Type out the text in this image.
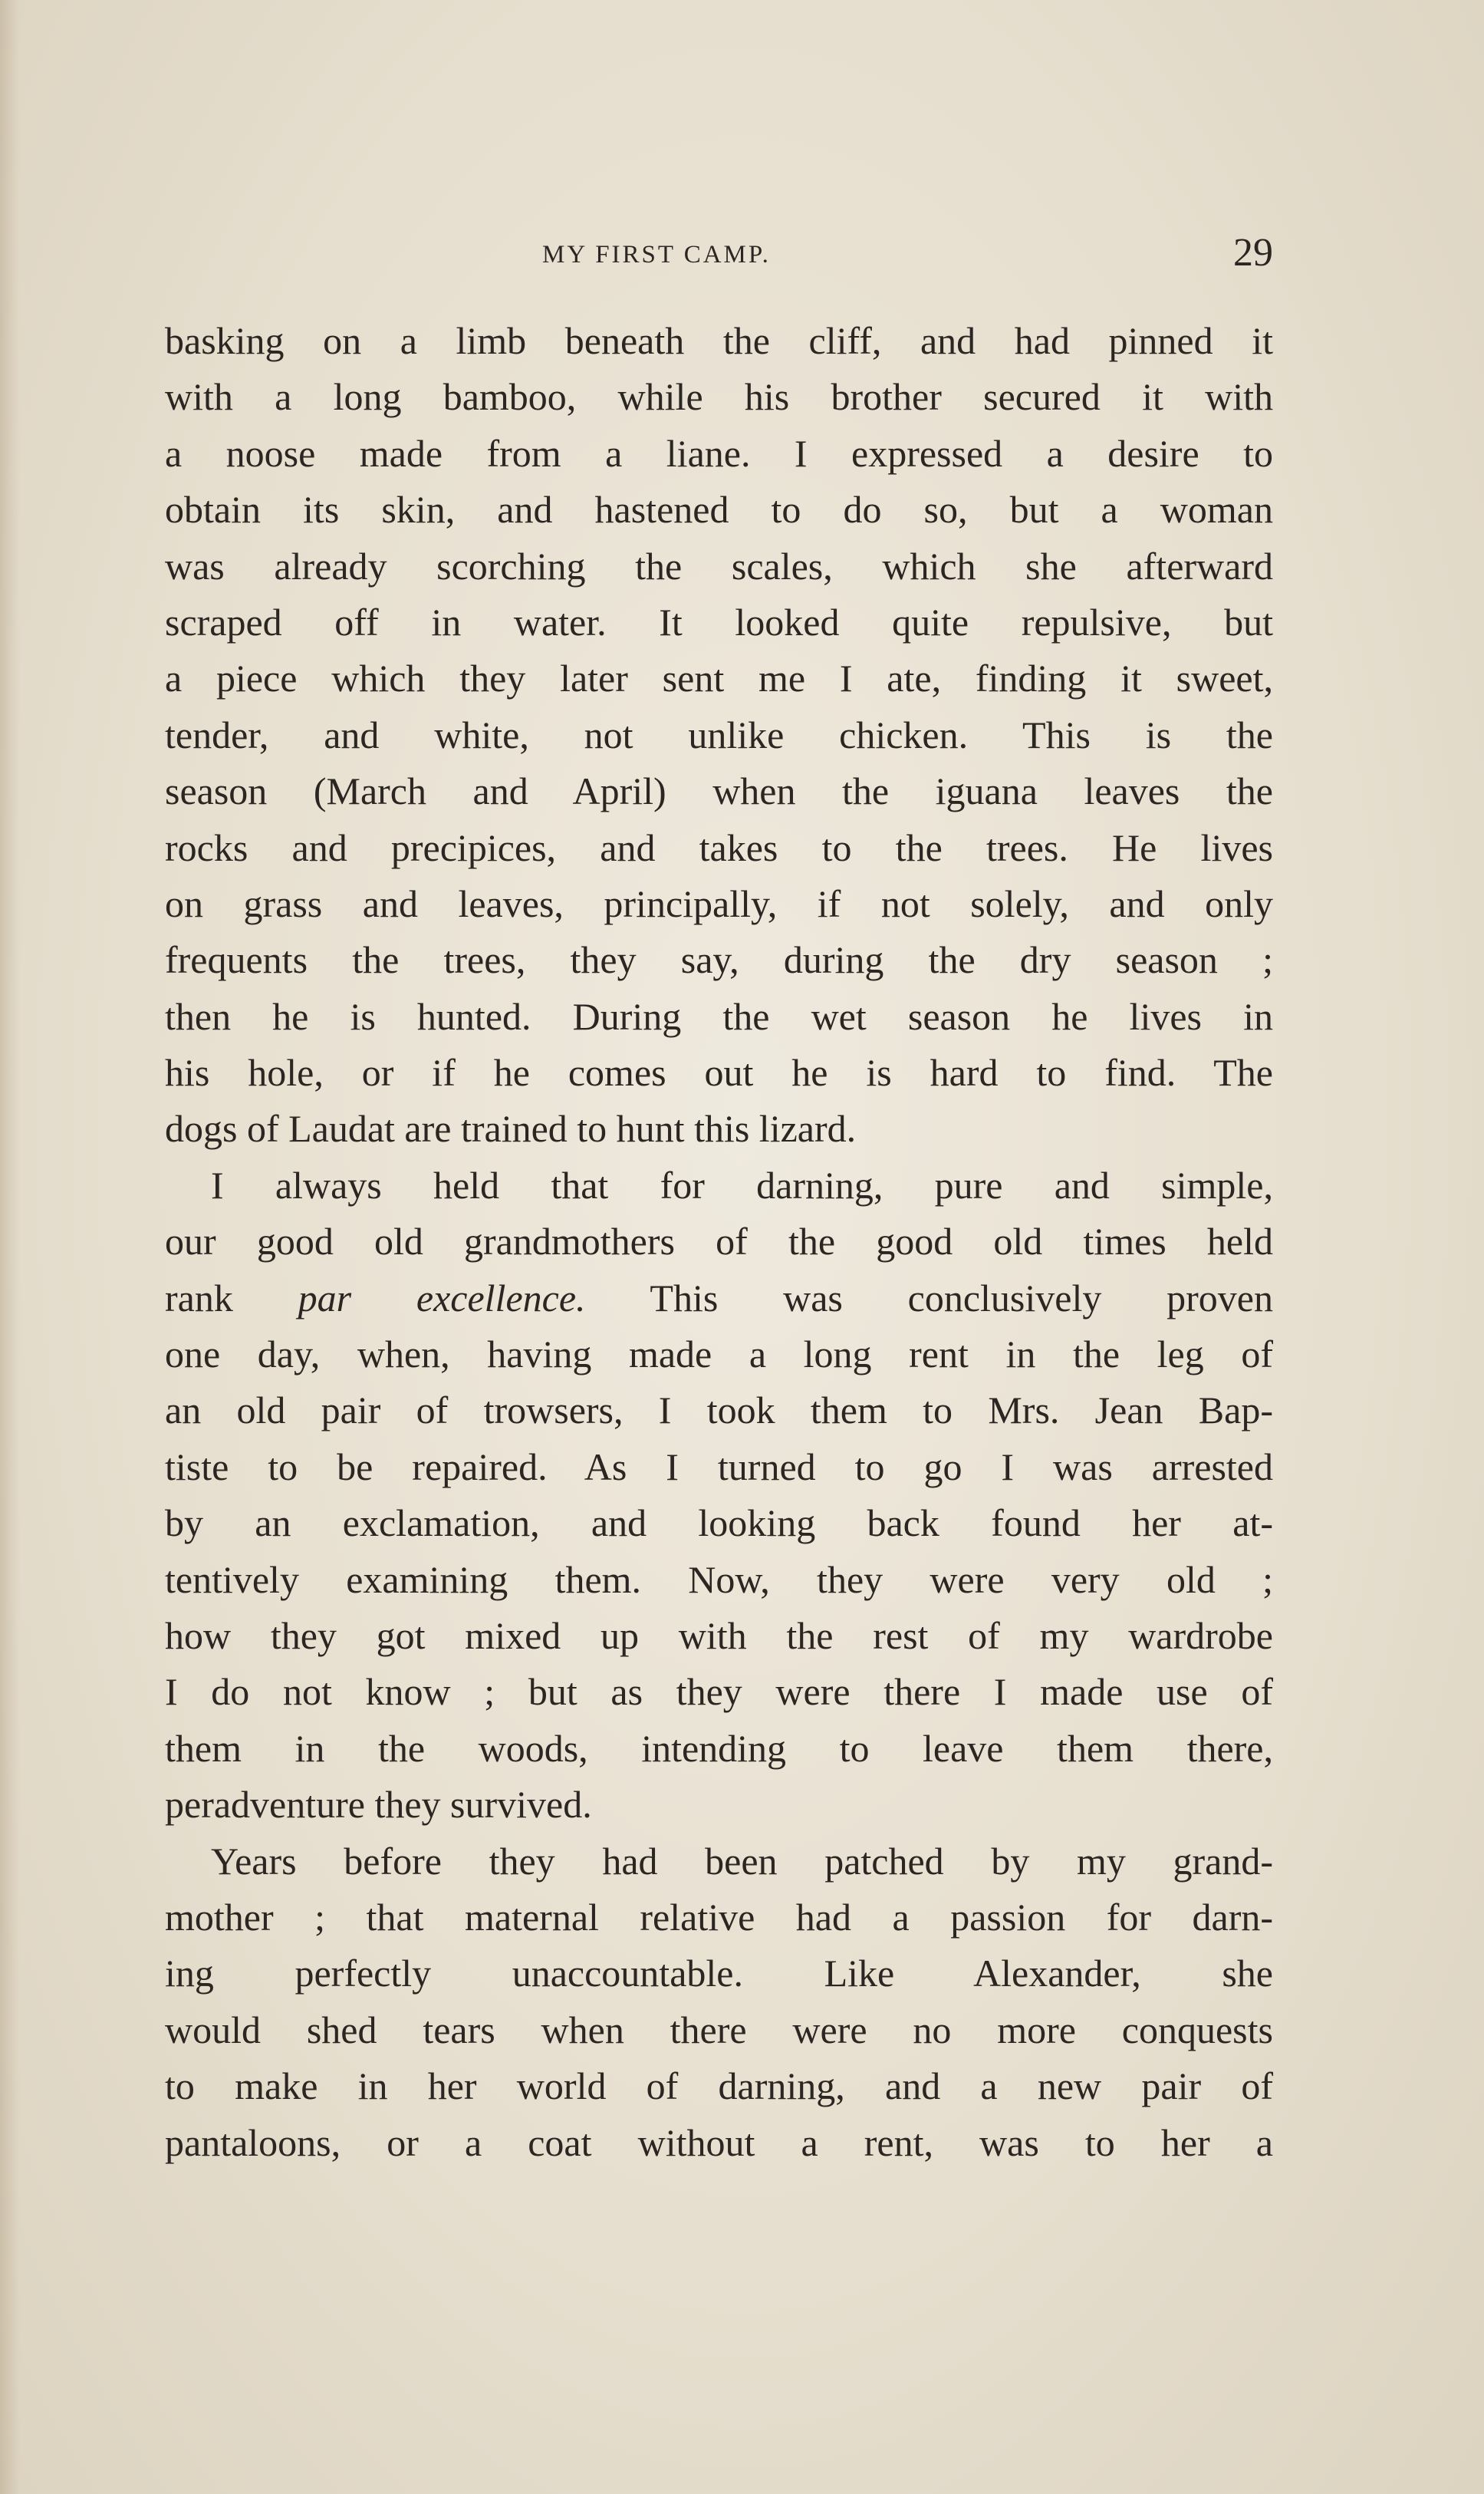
MY FIRST CAMP.	29
basking on a limb beneath the cliff, and had pinned it
with a long bamboo, while his brother secured it with
a noose made from a liane. I expressed a desire to
obtain its skin, and hastened to do so, but a woman
was already scorching the scales, which she afterward
scraped off in water. It looked quite repulsive, but
a piece which they later sent me I ate, finding it sweet,
tender, and white, not unlike chicken. This is the
season (March and April) when the iguana leaves the
rocks and precipices, and takes to the trees. He lives
on grass and leaves, principally, if not solely, and only
frequents the trees, they say, during the dry season ;
then he is hunted. During the wet season he lives in
his hole, or if he comes out he is hard to find. The
dogs of Laudat are trained to hunt this lizard.
I always held that for darning, pure and simple,
our good old grandmothers of the good old times held
rank par excellence. This was conclusively proven
one day, when, having made a long rent in the leg of
an old pair of trowsers, I took them to Mrs. Jean Bap-
tiste to be repaired. As I turned to go I was arrested
by an exclamation, and looking back found her at-
tentively examining them. Now, they were very old ;
how they got mixed up with the rest of my wardrobe
I do not know ; but as they were there I made use of
them in the woods, intending to leave them there,
peradventure they survived.
Years before they had been patched by my grand-
mother ; that maternal relative had a passion for darn-
ing perfectly unaccountable. Like Alexander, she
would shed tears when there were no more conquests
to make in her world of darning, and a new pair of
pantaloons, or a coat without a rent, was to her a
